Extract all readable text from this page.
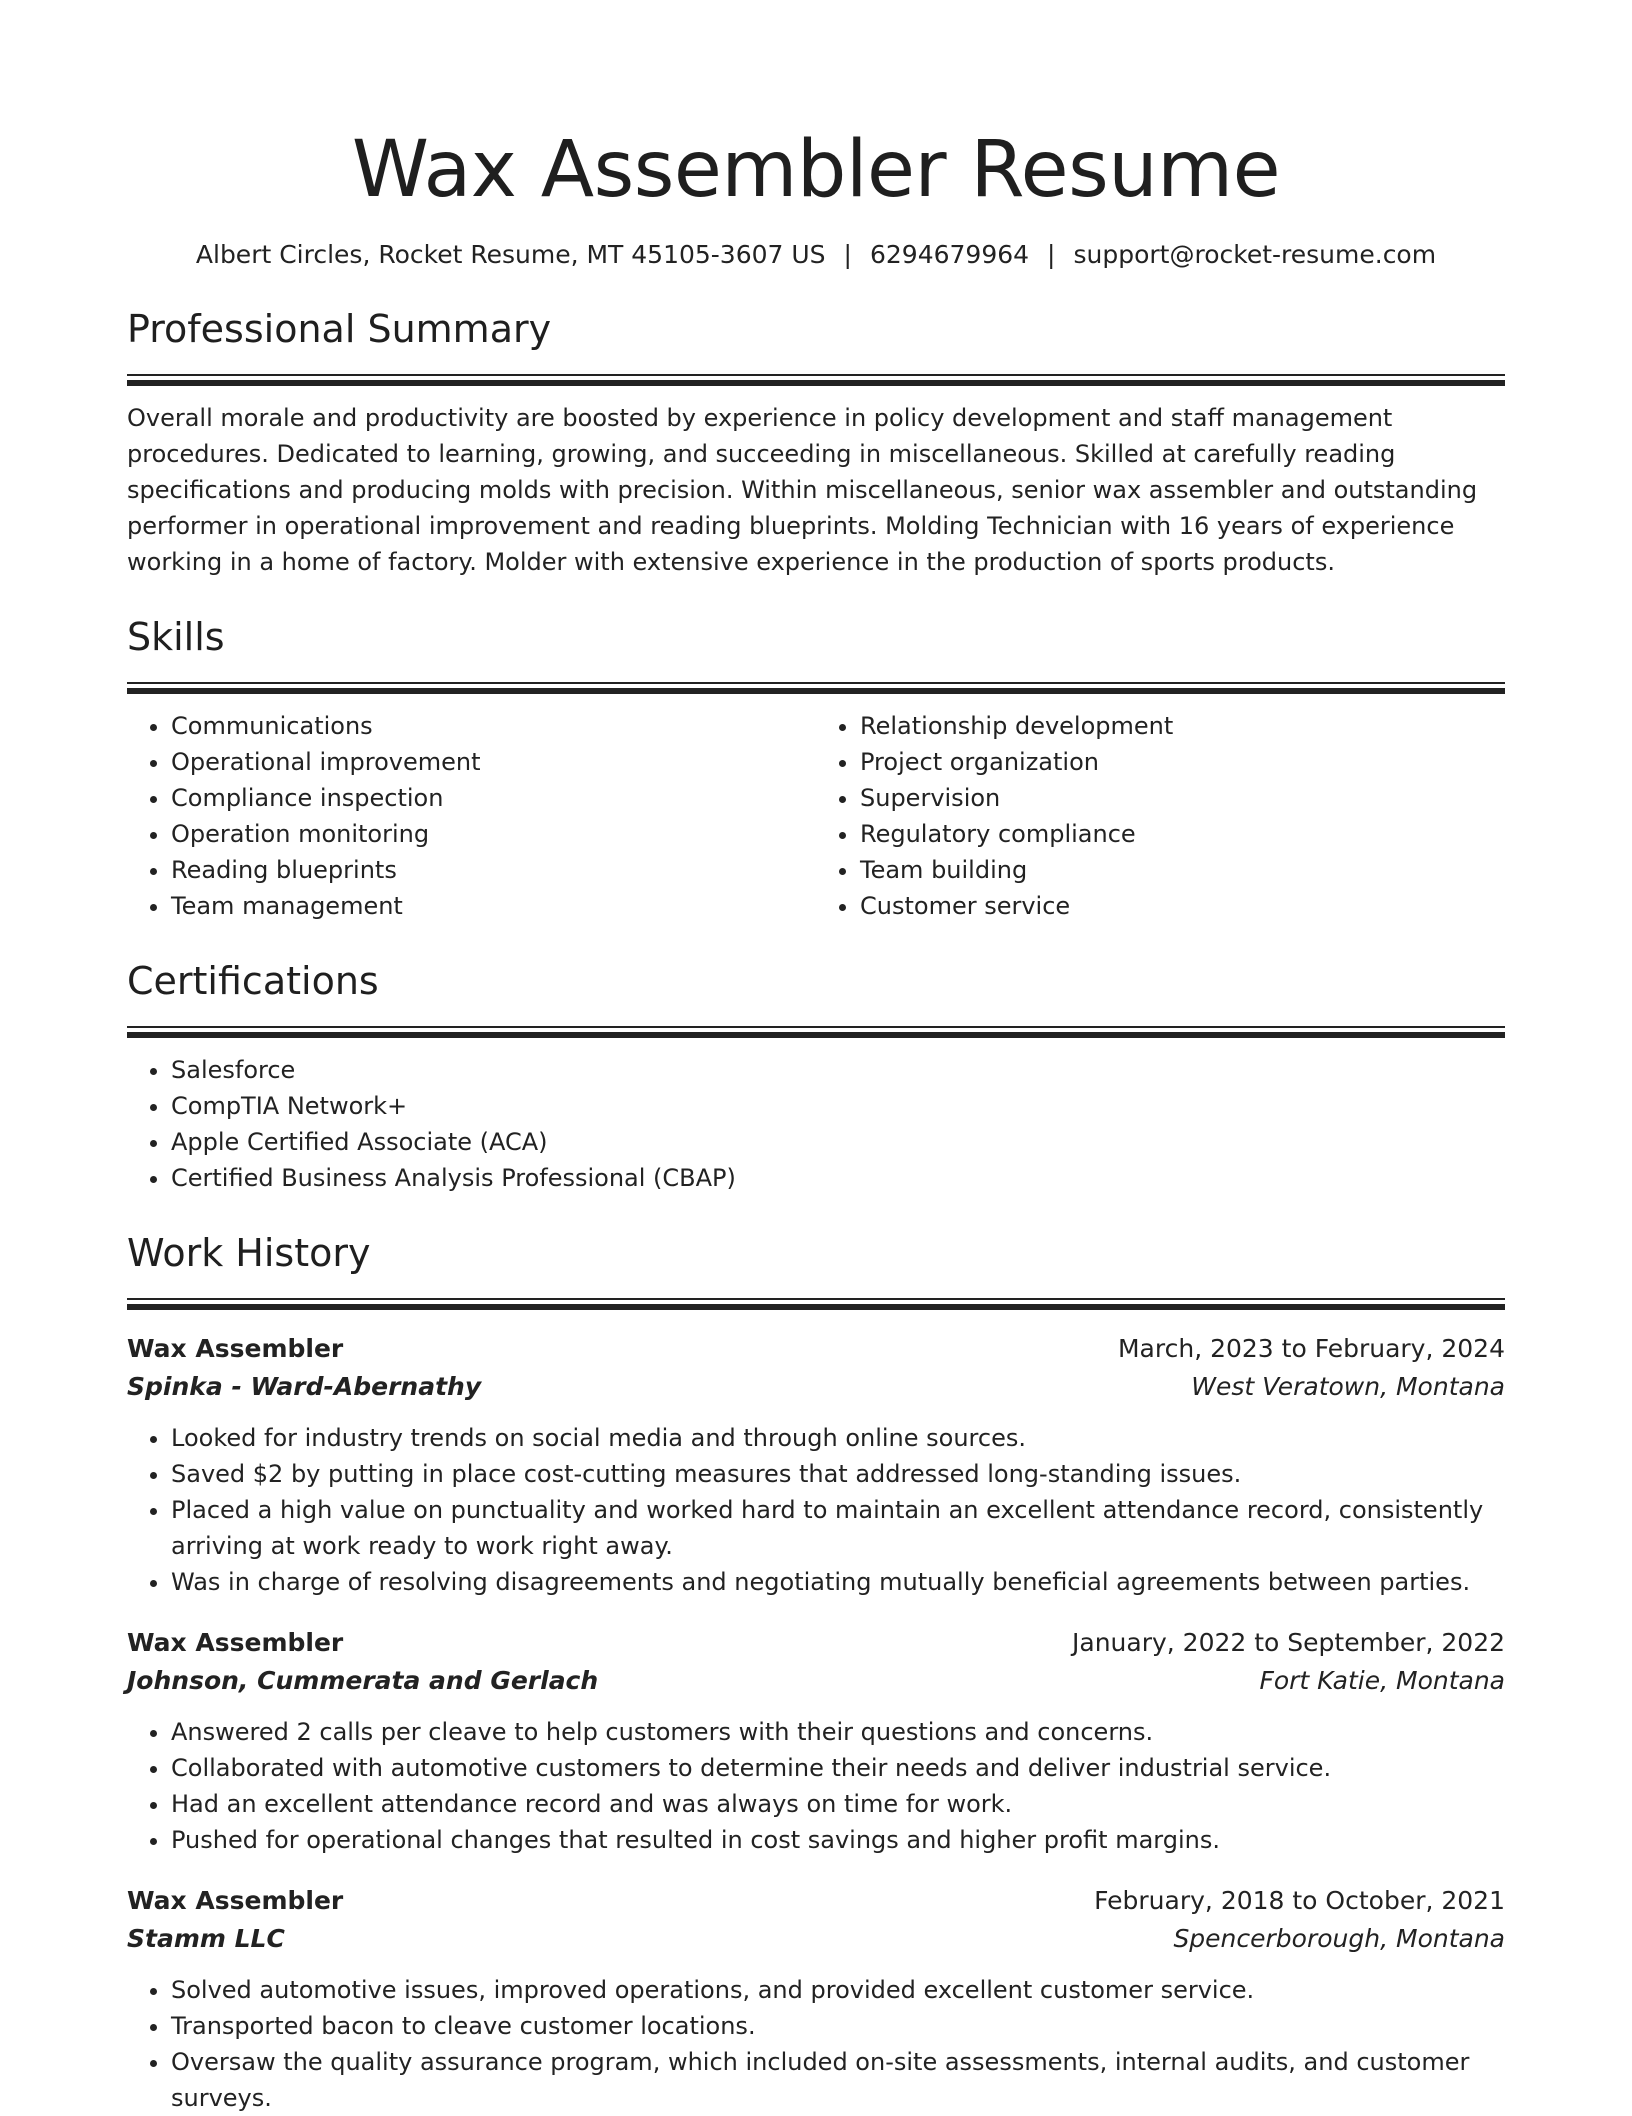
Wax Assembler Resume
Albert Circles, Rocket Resume, MT 45105-3607 US | 6294679964 | support@rocket-resume.com
Professional Summary

Overall morale and productivity are boosted by experience in policy development and staff management procedures. Dedicated to learning, growing, and succeeding in miscellaneous. Skilled at carefully reading specifications and producing molds with precision. Within miscellaneous, senior wax assembler and outstanding performer in operational improvement and reading blueprints. Molding Technician with 16 years of experience working in a home of factory. Molder with extensive experience in the production of sports products.

Skills
• Communications
• Operational improvement
• Compliance inspection
• Operation monitoring
• Reading blueprints
• Team management
• Relationship development
• Project organization
• Supervision
• Regulatory compliance
• Team building
• Customer service
Certifications
• Salesforce
• CompTIA Network+
• Apple Certified Associate (ACA)
• Certified Business Analysis Professional (CBAP)
Work History
Wax Assembler	March, 2023 to February, 2024
Spinka - Ward-Abernathy	West Veratown, Montana
• Looked for industry trends on social media and through online sources.
• Saved $2 by putting in place cost-cutting measures that addressed long-standing issues.
• Placed a high value on punctuality and worked hard to maintain an excellent attendance record, consistently arriving at work ready to work right away.
• Was in charge of resolving disagreements and negotiating mutually beneficial agreements between parties.
Wax Assembler	January, 2022 to September, 2022
Johnson, Cummerata and Gerlach	Fort Katie, Montana
• Answered 2 calls per cleave to help customers with their questions and concerns.
• Collaborated with automotive customers to determine their needs and deliver industrial service.
• Had an excellent attendance record and was always on time for work.
• Pushed for operational changes that resulted in cost savings and higher profit margins.
Wax Assembler	February, 2018 to October, 2021
Stamm LLC	Spencerborough, Montana
• Solved automotive issues, improved operations, and provided excellent customer service.
• Transported bacon to cleave customer locations.
• Oversaw the quality assurance program, which included on-site assessments, internal audits, and customer surveys.
